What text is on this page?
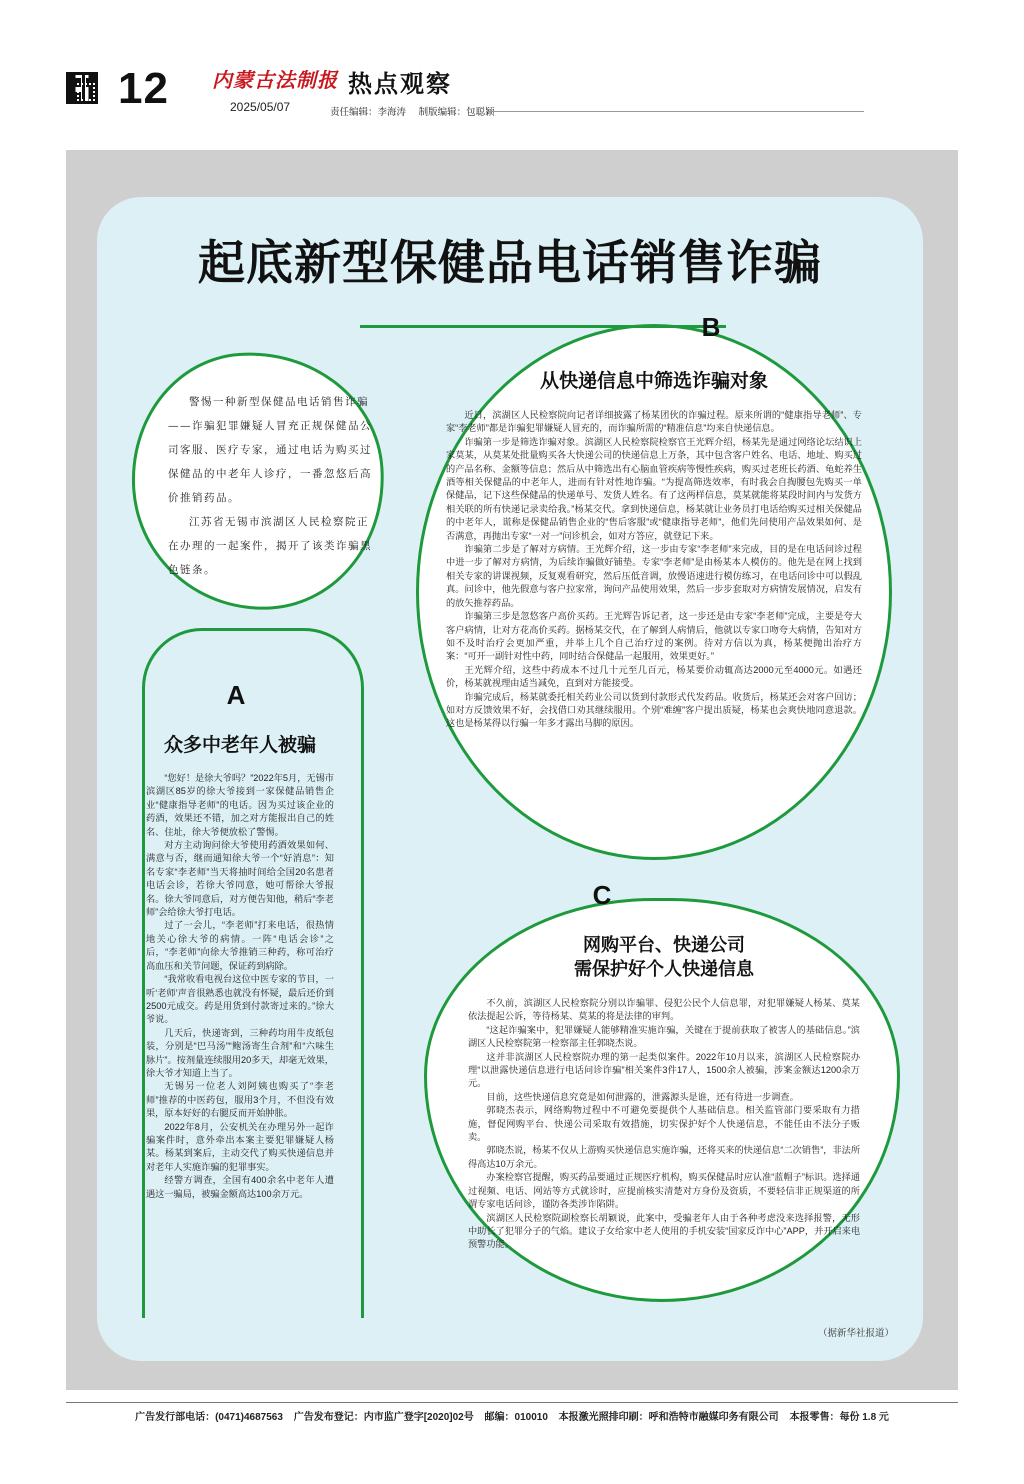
12 内蒙古法制报
2025/05/07
热点观察
责任编辑：李海涛 制版编辑：包聪颖
起底新型保健品电话销售诈骗

警惕一种新型保健品电话销售诈骗——诈骗犯罪嫌疑人冒充正规保健品公司客服、医疗专家，通过电话为购买过保健品的中老年人诊疗，一番忽悠后高价推销药品。

江苏省无锡市滨湖区人民检察院正在办理的一起案件，揭开了该类诈骗黑色链条。

A
众多中老年人被骗

“您好！是徐大爷吗？”2022年5月，无锡市滨湖区85岁的徐大爷接到一家保健品销售企业“健康指导老师”的电话。因为买过该企业的药酒，效果还不错，加之对方能报出自己的姓名、住址，徐大爷便放松了警惕。

对方主动询问徐大爷使用药酒效果如何、满意与否，继而通知徐大爷一个“好消息”：知名专家“李老师”当天将抽时间给全国20名患者电话会诊，若徐大爷同意，她可帮徐大爷报名。徐大爷同意后，对方便告知他，稍后“李老师”会给徐大爷打电话。

过了一会儿，“李老师”打来电话，很热情地关心徐大爷的病情。一阵“电话会诊”之后，“李老师”向徐大爷推销三种药，称可治疗高血压和关节问题，保证药到病除。

“我常收看电视台这位中医专家的节目，一听‘老师’声音很熟悉也就没有怀疑，最后还价到2500元成交。药是用货到付款寄过来的。”徐大爷说。

几天后，快递寄到，三种药均用牛皮纸包装，分别是“巴马汤”“鲍汤寄生合剂”和“六味生脉片”。按剂量连续服用20多天，却毫无效果，徐大爷才知道上当了。

无锡另一位老人刘阿姨也购买了“李老师”推荐的中医药包，服用3个月，不但没有效果，原本好好的右腿反而开始肿胀。

2022年8月，公安机关在办理另外一起诈骗案件时，意外牵出本案主要犯罪嫌疑人杨某。杨某到案后，主动交代了购买快递信息并对老年人实施诈骗的犯罪事实。

经警方调查，全国有400余名中老年人遭遇这一骗局，被骗金额高达100余万元。

B
从快递信息中筛选诈骗对象

近日，滨湖区人民检察院向记者详细披露了杨某团伙的诈骗过程。原来所谓的“健康指导老师”、专家“李老师”都是诈骗犯罪嫌疑人冒充的，而诈骗所需的“精准信息”均来自快递信息。

诈骗第一步是筛选诈骗对象。滨湖区人民检察院检察官王光辉介绍，杨某先是通过网络论坛结识上家莫某，从莫某处批量购买各大快递公司的快递信息上万条，其中包含客户姓名、电话、地址、购买过的产品名称、金额等信息；然后从中筛选出有心脑血管疾病等慢性疾病，购买过老班长药酒、龟蛇养生酒等相关保健品的中老年人，进而有针对性地诈骗。“为提高筛选效率，有时我会自掏腰包先购买一单保健品，记下这些保健品的快递单号、发货人姓名。有了这两样信息，莫某就能将某段时间内与发货方相关联的所有快递记录卖给我。”杨某交代。拿到快递信息，杨某就让业务员打电话给购买过相关保健品的中老年人，谎称是保健品销售企业的“售后客服”或“健康指导老师”，他们先问使用产品效果如何、是否满意，再抛出专家“一对一”问诊机会，如对方答应，就登记下来。

诈骗第二步是了解对方病情。王光辉介绍，这一步由专家“李老师”来完成，目的是在电话问诊过程中进一步了解对方病情，为后续诈骗做好铺垫。专家“李老师”是由杨某本人模仿的。他先是在网上找到相关专家的讲课视频，反复观看研究，然后压低音调，放慢语速进行模仿练习，在电话问诊中可以假乱真。问诊中，他先假意与客户拉家常，询问产品使用效果，然后一步步套取对方病情发展情况，启发有的放矢推荐药品。

诈骗第三步是忽悠客户高价买药。王光辉告诉记者，这一步还是由专家“李老师”完成，主要是夸大客户病情，让对方花高价买药。据杨某交代，在了解到人病情后，他就以专家口吻夸大病情，告知对方如不及时治疗会更加严重，并举上几个自己治疗过的案例。待对方信以为真，杨某便抛出治疗方案：“可开一副针对性中药，同时结合保健品一起服用，效果更好。”

王光辉介绍，这些中药成本不过几十元至几百元，杨某要价动辄高达2000元至4000元。如遇还价，杨某就视理由适当减免，直到对方能接受。

诈骗完成后，杨某就委托相关药业公司以货到付款形式代发药品。收货后，杨某还会对客户回访；如对方反馈效果不好，会找借口劝其继续服用。个别“难缠”客户提出质疑，杨某也会爽快地同意退款。这也是杨某得以行骗一年多才露出马脚的原因。

C
网购平台、快递公司
需保护好个人快递信息

不久前，滨湖区人民检察院分别以诈骗罪、侵犯公民个人信息罪，对犯罪嫌疑人杨某、莫某依法提起公诉，等待杨某、莫某的将是法律的审判。

“这起诈骗案中，犯罪嫌疑人能够精准实施诈骗，关键在于提前获取了被害人的基础信息。”滨湖区人民检察院第一检察部主任郭晓杰说。

这并非滨湖区人民检察院办理的第一起类似案件。2022年10月以来，滨湖区人民检察院办理“以泄露快递信息进行电话问诊诈骗”相关案件3件17人，1500余人被骗，涉案金额达1200余万元。

目前，这些快递信息究竟是如何泄露的，泄露源头是谁，还有待进一步调查。

郭晓杰表示，网络购物过程中不可避免要提供个人基础信息。相关监管部门要采取有力措施，督促网购平台、快递公司采取有效措施，切实保护好个人快递信息，不能任由不法分子贩卖。

郭晓杰说，杨某不仅从上游购买快递信息实施诈骗，还将买来的快递信息“二次销售”，非法所得高达10万余元。

办案检察官提醒，购买药品要通过正规医疗机构，购买保健品时应认准“蓝帽子”标识。选择通过视频、电话、网站等方式就诊时，应提前核实清楚对方身份及资质，不要轻信非正规渠道的所谓专家电话问诊，谨防各类涉诈陷阱。

滨湖区人民检察院副检察长胡颖说，此案中，受骗老年人由于各种考虑没来选择报警，无形中助长了犯罪分子的气焰。建议子女给家中老人使用的手机安装“国家反诈中心”APP，并开启来电预警功能。

（据新华社报道）
广告发行部电话：(0471)4687563 广告发布登记：内市监广登字[2020]02号 邮编：010010 本报激光照排印刷：呼和浩特市融媒印务有限公司 本报零售：每份 1.8 元
